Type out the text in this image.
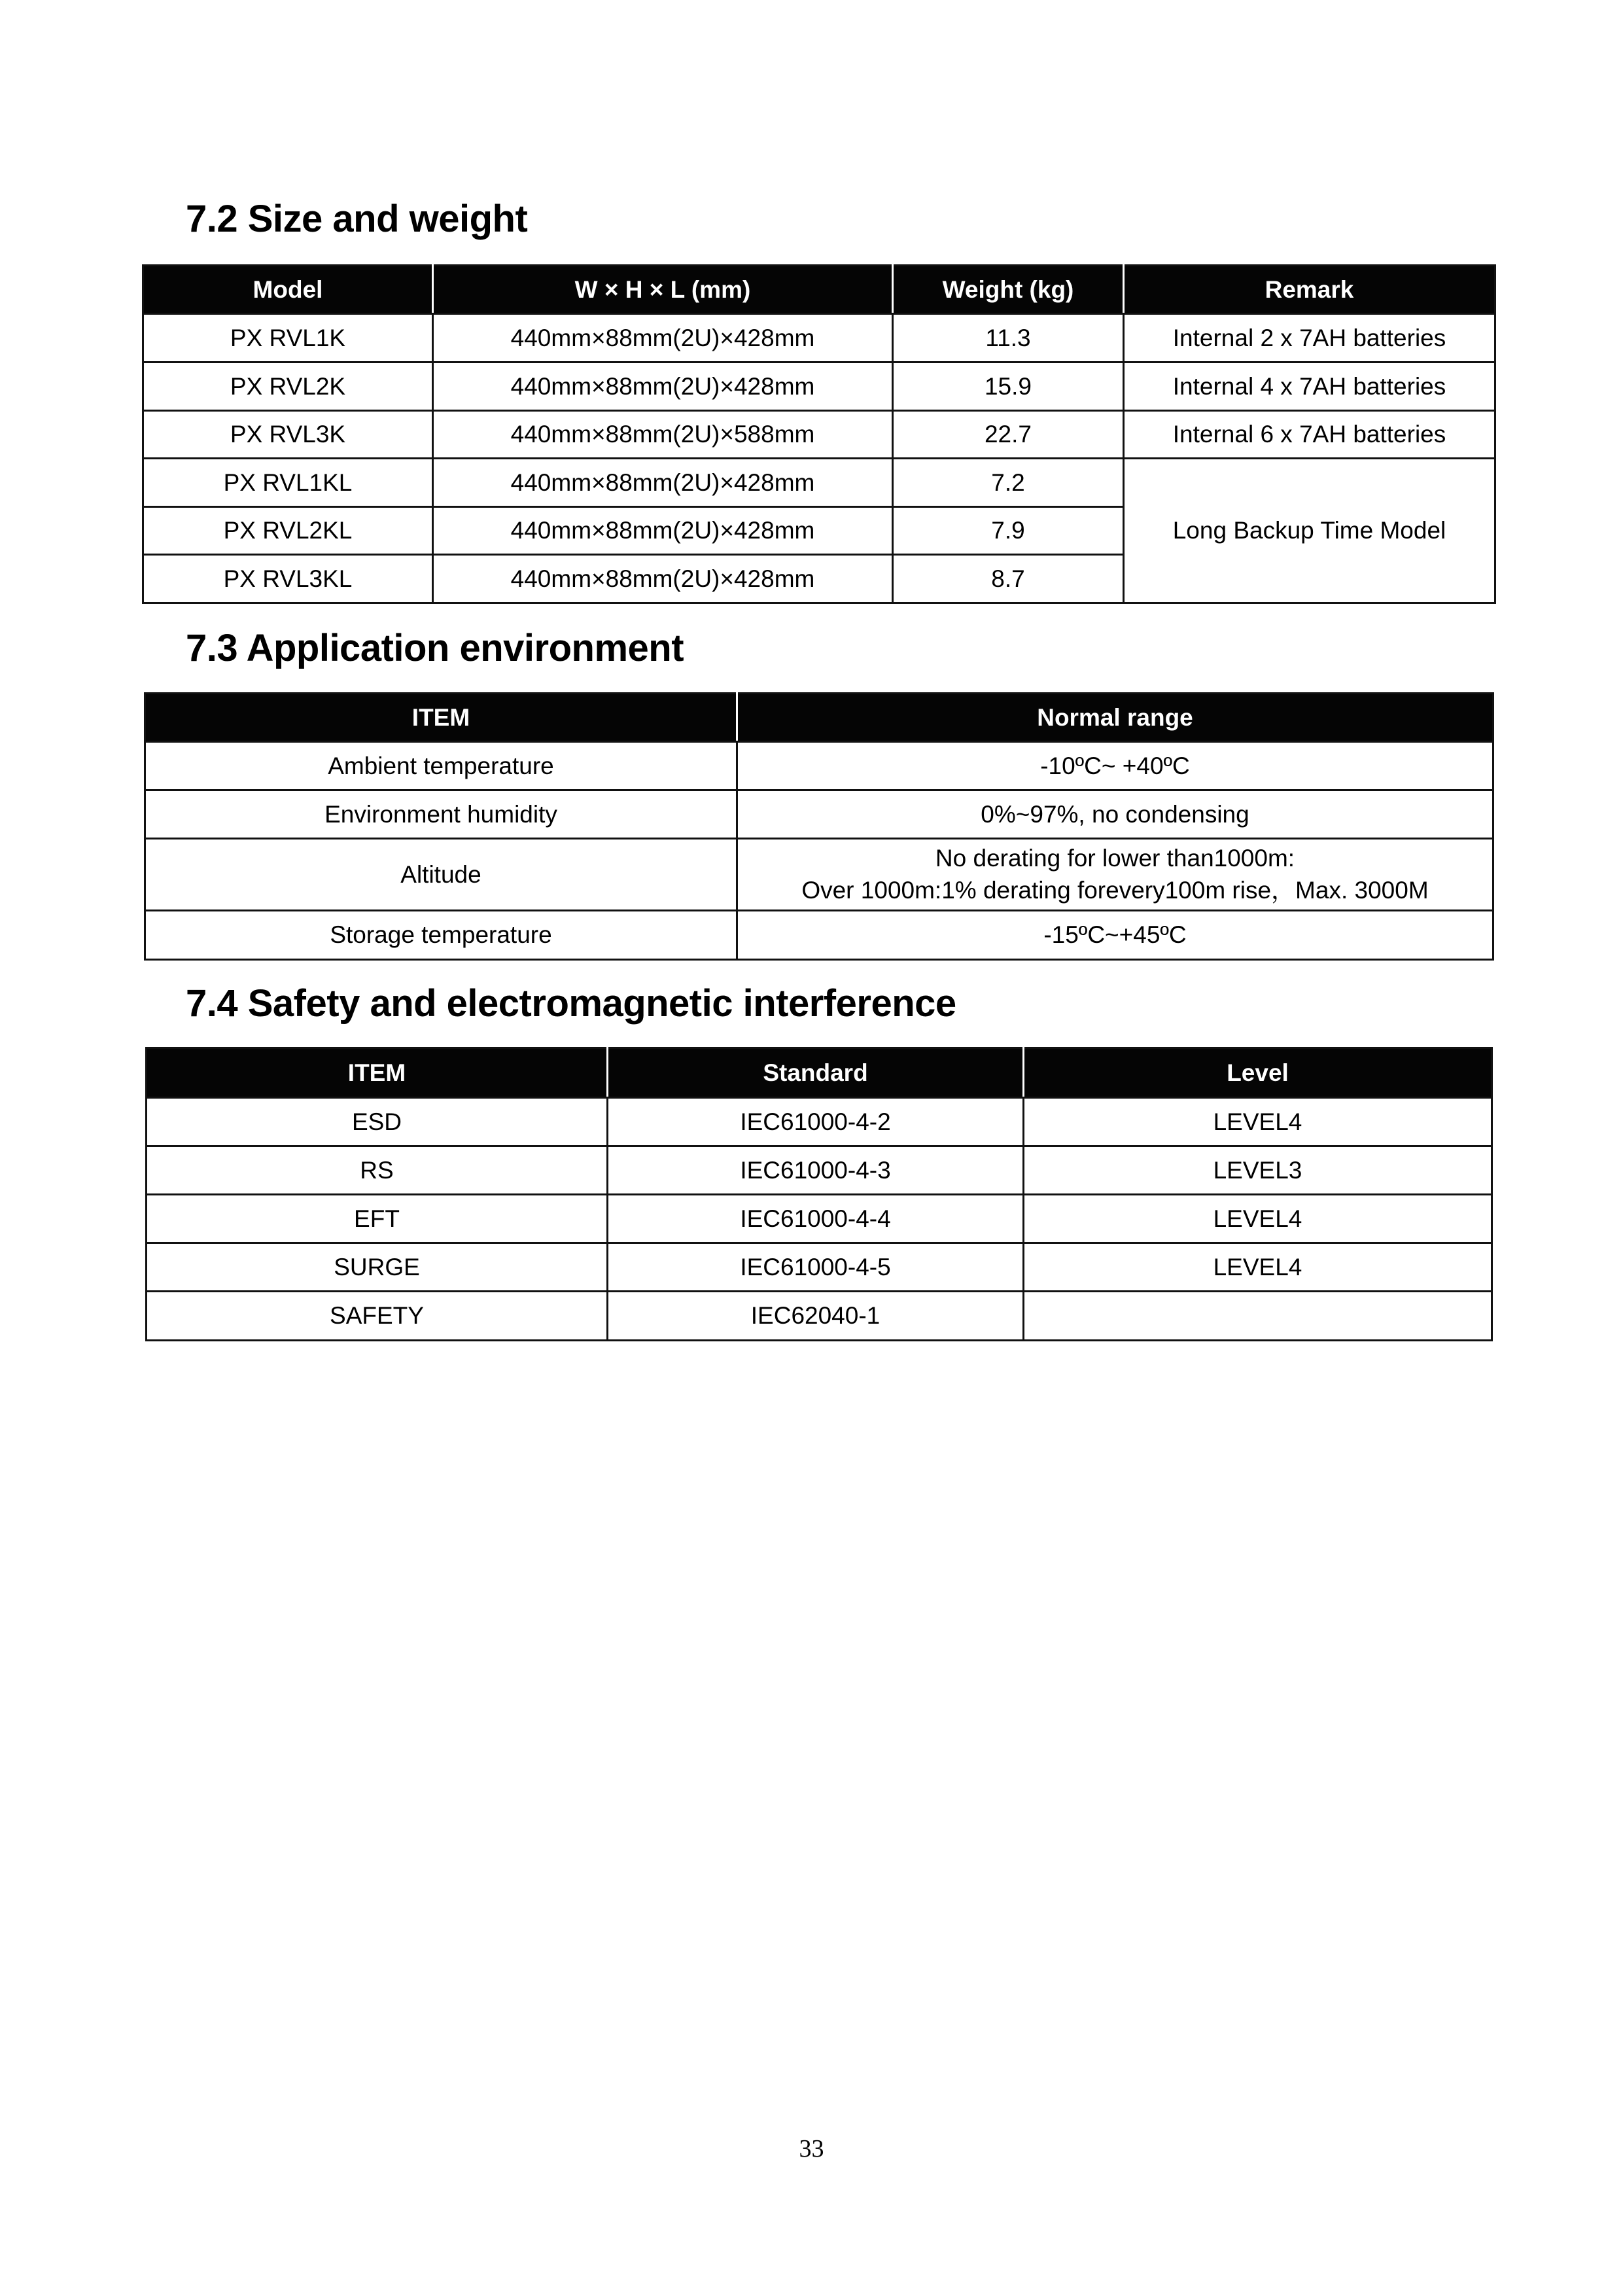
7.2 Size and weight
Model	W × H × L (mm)	Weight (kg)	Remark
PX RVL1K	440mm×88mm(2U)×428mm	11.3	Internal 2 x 7AH batteries
PX RVL2K	440mm×88mm(2U)×428mm	15.9	Internal 4 x 7AH batteries
PX RVL3K	440mm×88mm(2U)×588mm	22.7	Internal 6 x 7AH batteries
PX RVL1KL	440mm×88mm(2U)×428mm	7.2	Long Backup Time Model
PX RVL2KL	440mm×88mm(2U)×428mm	7.9	
PX RVL3KL	440mm×88mm(2U)×428mm	8.7	
7.3 Application environment
ITEM	Normal range
Ambient temperature	-10ºC~ +40ºC
Environment humidity	0%~97%, no condensing
Altitude	No derating for lower than1000m:
Over 1000m:1% derating forevery100m rise，Max. 3000M

Storage temperature	-15ºC~+45ºC
7.4 Safety and electromagnetic interference
ITEM	Standard	Level
ESD	IEC61000-4-2	LEVEL4
RS	IEC61000-4-3	LEVEL3
EFT	IEC61000-4-4	LEVEL4
SURGE	IEC61000-4-5	LEVEL4
SAFETY	IEC62040-1	
33
